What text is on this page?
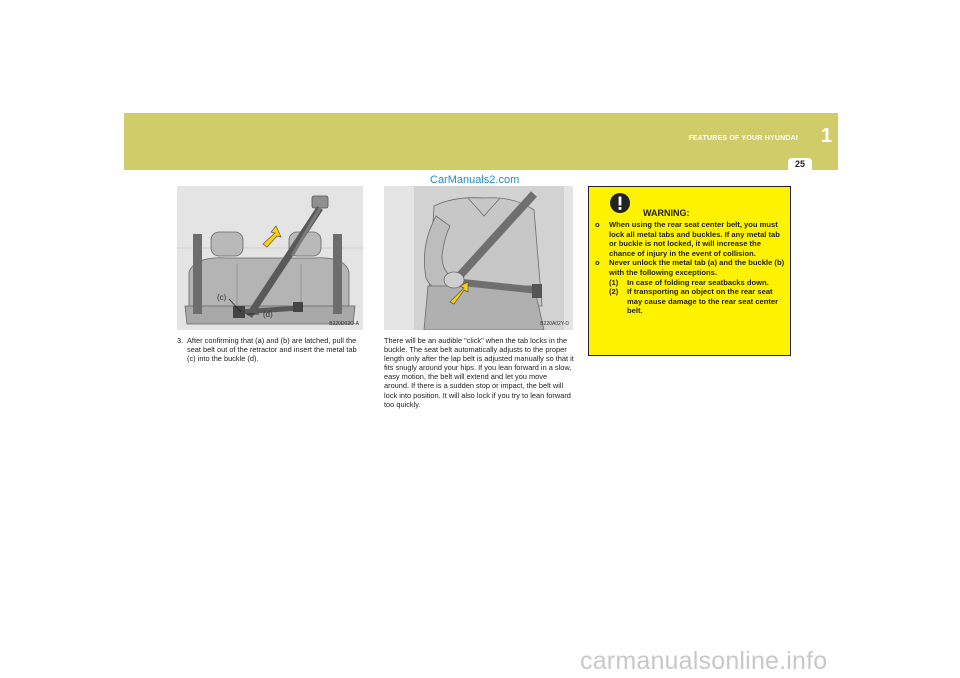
FEATURES OF YOUR HYUNDAI 1
25
CarManuals2.com
(c)
(d)
B220D02O-A
3. After confirming that (a) and (b) are latched, pull the seat belt out of the retractor and insert the metal tab (c) into the buckle (d).
B220A02Y-D
There will be an audible "click" when the tab locks in the buckle. The seat belt automatically adjusts to the proper length only after the lap belt is adjusted manually so that it fits snugly around your hips. If you lean forward in a slow, easy motion, the belt will extend and let you move around. If there is a sudden stop or impact, the belt will lock into position. It will also lock if you try to lean forward too quickly.
WARNING:
o	When using the rear seat center belt, you must lock all metal tabs and buckles. If any metal tab or buckle is not locked, it will increase the chance of injury in the event of collision.
o	Never unlock the metal tab (a) and the buckle (b) with the following exceptions.
(1)	In case of folding rear seatbacks down.
(2)	If transporting an object on the rear seat may cause damage to the rear seat center belt.
carmanualsonline.info
